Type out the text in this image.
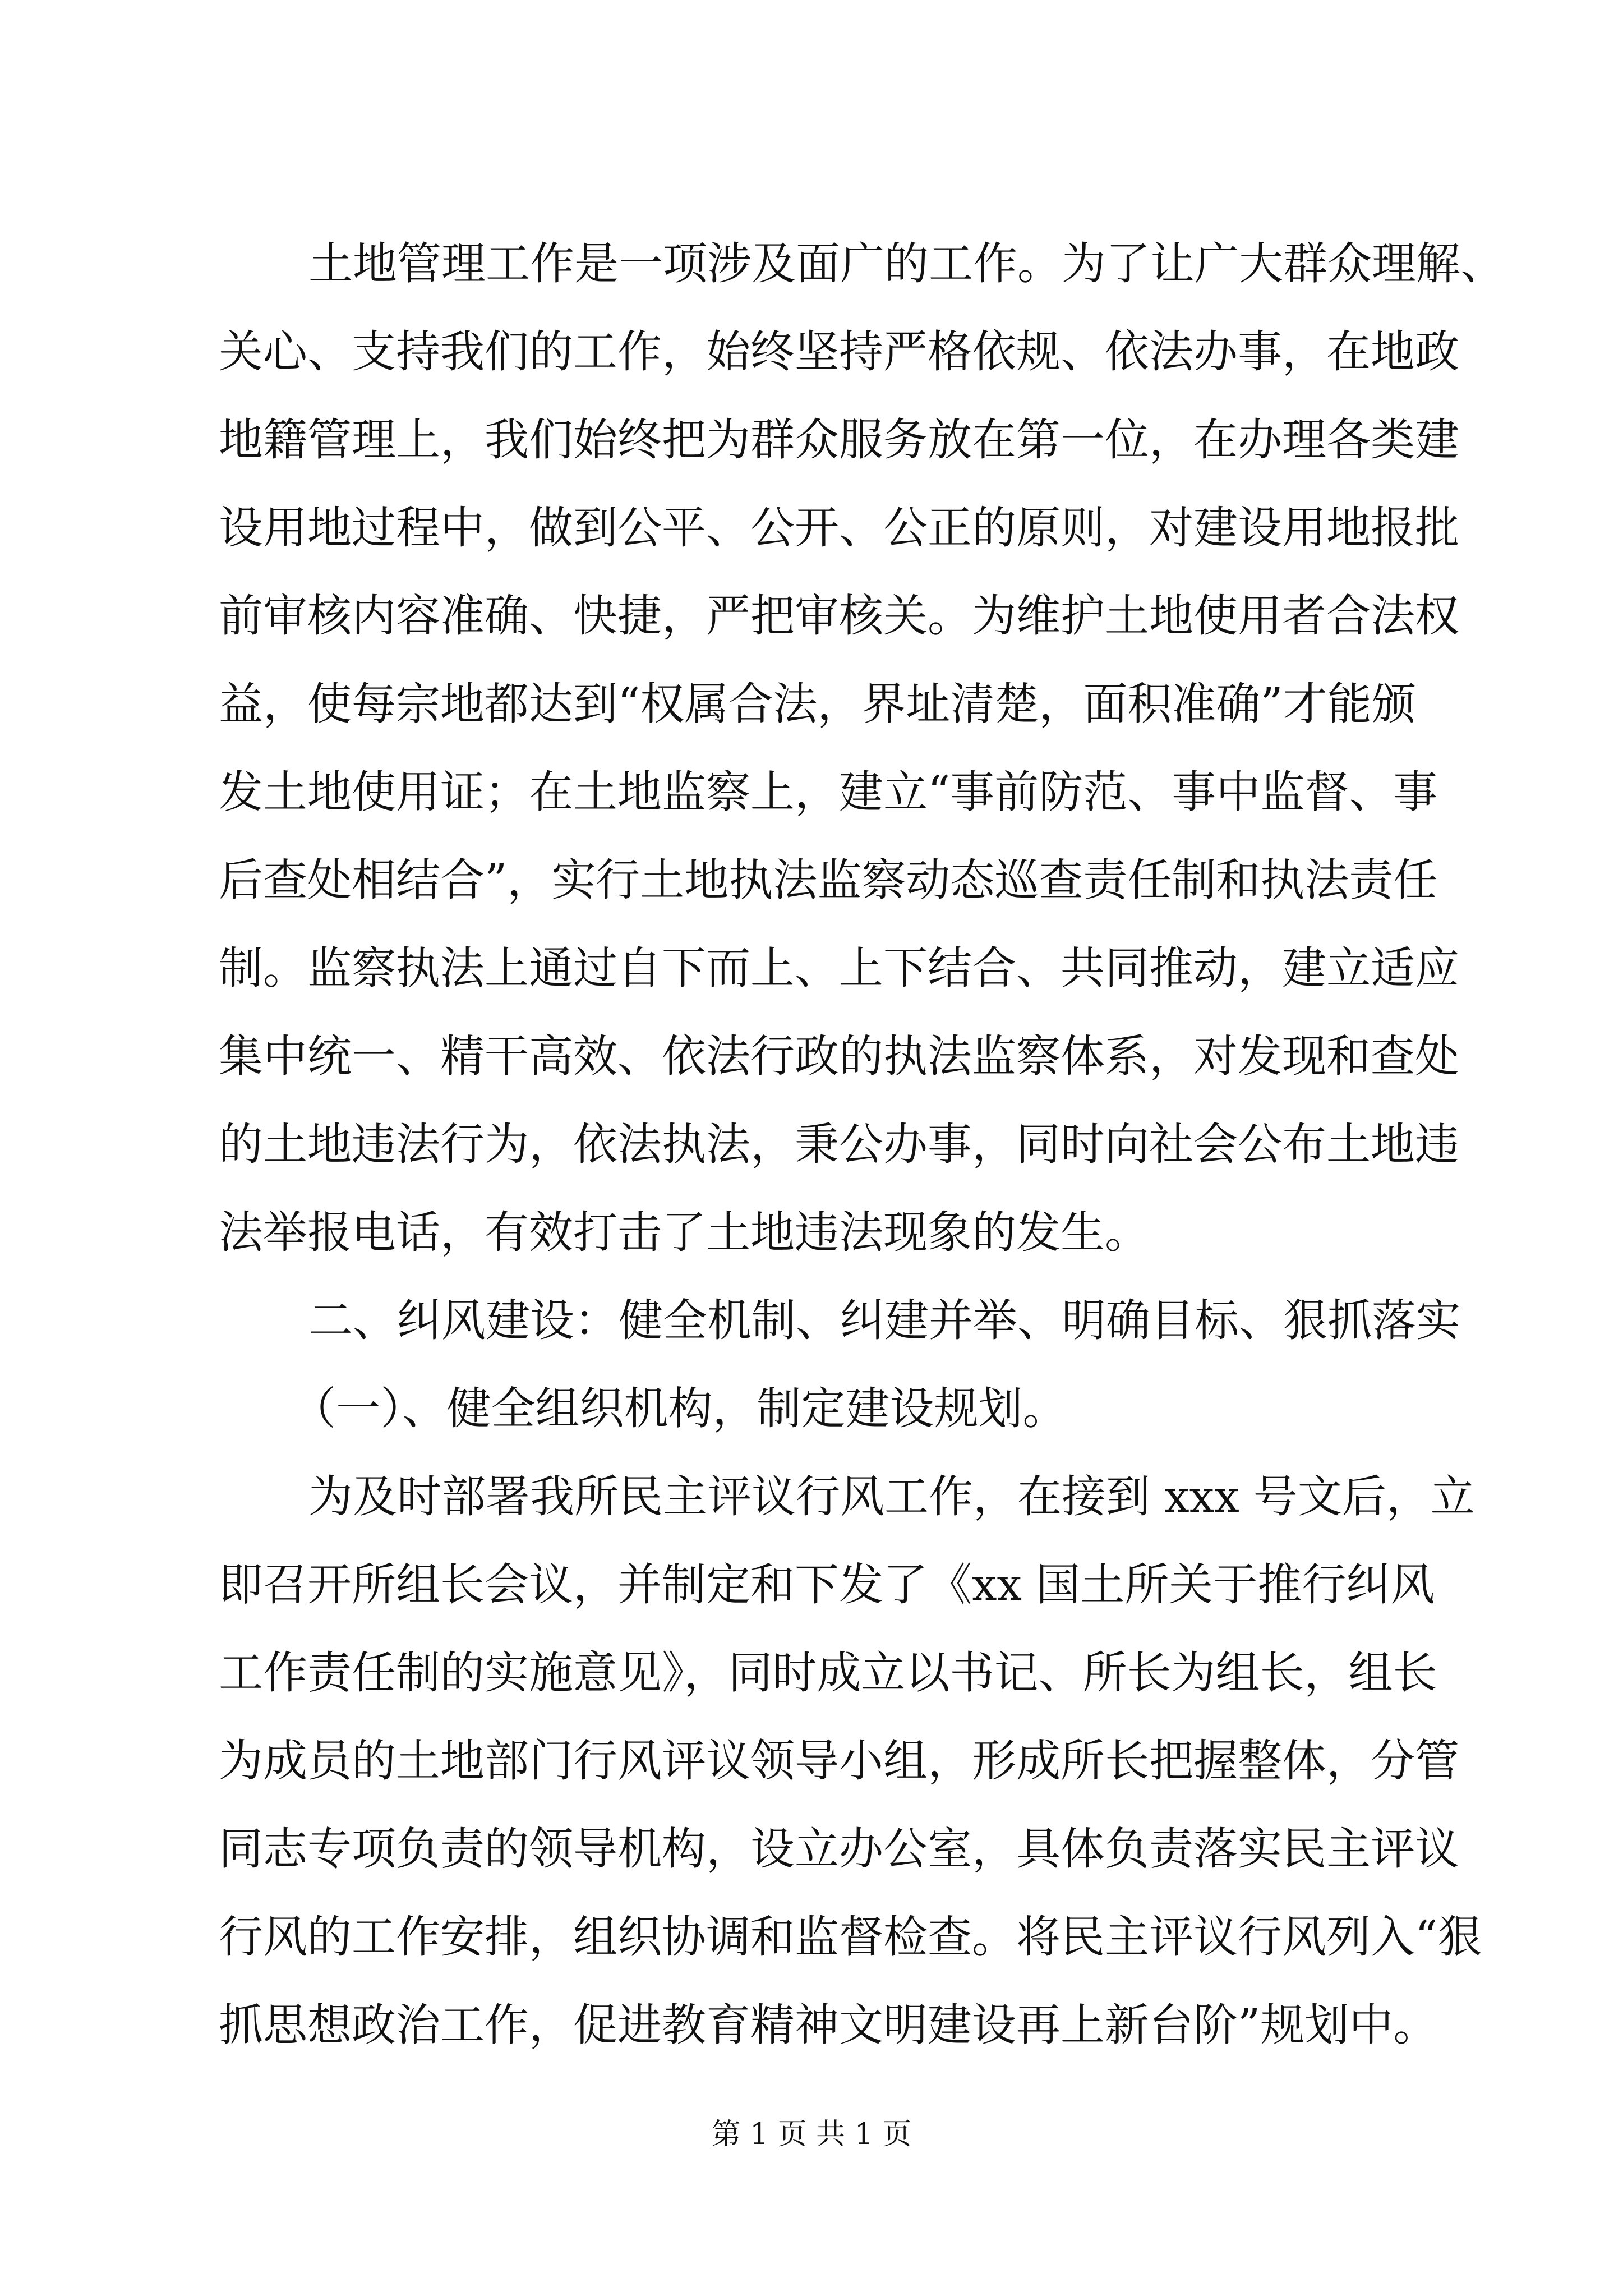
土地管理工作是一项涉及面广的工作。为了让广大群众理解、
关心、支持我们的工作，始终坚持严格依规、依法办事，在地政
地籍管理上，我们始终把为群众服务放在第一位，在办理各类建
设用地过程中，做到公平、公开、公正的原则，对建设用地报批
前审核内容准确、快捷，严把审核关。为维护土地使用者合法权
益，使每宗地都达到“权属合法，界址清楚，面积准确”才能颁
发土地使用证；在土地监察上，建立“事前防范、事中监督、事
后查处相结合”，实行土地执法监察动态巡查责任制和执法责任
制。监察执法上通过自下而上、上下结合、共同推动，建立适应
集中统一、精干高效、依法行政的执法监察体系，对发现和查处
的土地违法行为，依法执法，秉公办事，同时向社会公布土地违
法举报电话，有效打击了土地违法现象的发生。
二、纠风建设：健全机制、纠建并举、明确目标、狠抓落实
（一）、健全组织机构，制定建设规划。
为及时部署我所民主评议行风工作，在接到 xxx 号文后，立
即召开所组长会议，并制定和下发了《xx 国土所关于推行纠风
工作责任制的实施意见》，同时成立以书记、所长为组长，组长
为成员的土地部门行风评议领导小组，形成所长把握整体，分管
同志专项负责的领导机构，设立办公室，具体负责落实民主评议
行风的工作安排，组织协调和监督检查。将民主评议行风列入“狠
抓思想政治工作，促进教育精神文明建设再上新台阶”规划中。
第 1 页 共 1 页
